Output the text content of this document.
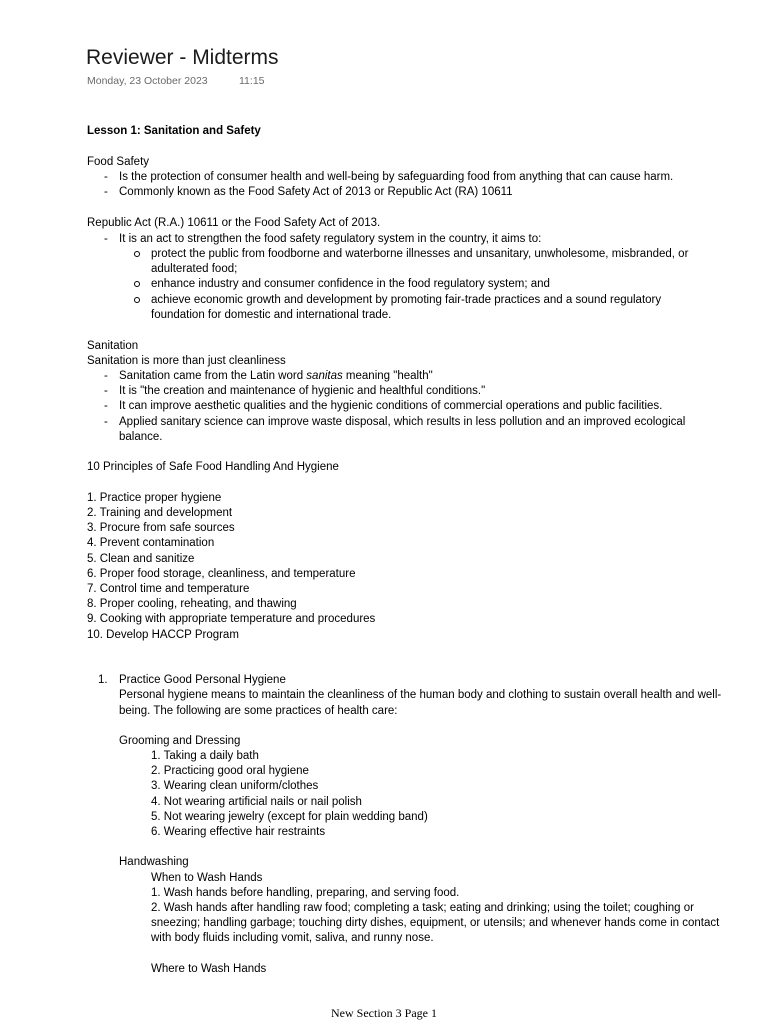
Reviewer - Midterms
Monday, 23 October 2023	11:15
Lesson 1: Sanitation and Safety
Food Safety
- Is the protection of consumer health and well-being by safeguarding food from anything that can cause harm.
- Commonly known as the Food Safety Act of 2013 or Republic Act (RA) 10611
Republic Act (R.A.) 10611 or the Food Safety Act of 2013.
- It is an act to strengthen the food safety regulatory system in the country, it aims to:
protect the public from foodborne and waterborne illnesses and unsanitary, unwholesome, misbranded, or
adulterated food;
enhance industry and consumer confidence in the food regulatory system; and
achieve economic growth and development by promoting fair-trade practices and a sound regulatory
foundation for domestic and international trade.
Sanitation
Sanitation is more than just cleanliness
- Sanitation came from the Latin word sanitas meaning "health"
- It is "the creation and maintenance of hygienic and healthful conditions."
- It can improve aesthetic qualities and the hygienic conditions of commercial operations and public facilities.
- Applied sanitary science can improve waste disposal, which results in less pollution and an improved ecological
balance.
10 Principles of Safe Food Handling And Hygiene
1. Practice proper hygiene
2. Training and development
3. Procure from safe sources
4. Prevent contamination
5. Clean and sanitize
6. Proper food storage, cleanliness, and temperature
7. Control time and temperature
8. Proper cooling, reheating, and thawing
9. Cooking with appropriate temperature and procedures
10. Develop HACCP Program
1. Practice Good Personal Hygiene
Personal hygiene means to maintain the cleanliness of the human body and clothing to sustain overall health and well-
being. The following are some practices of health care:
Grooming and Dressing
1. Taking a daily bath
2. Practicing good oral hygiene
3. Wearing clean uniform/clothes
4. Not wearing artificial nails or nail polish
5. Not wearing jewelry (except for plain wedding band)
6. Wearing effective hair restraints
Handwashing
When to Wash Hands
1. Wash hands before handling, preparing, and serving food.
2. Wash hands after handling raw food; completing a task; eating and drinking; using the toilet; coughing or
sneezing; handling garbage; touching dirty dishes, equipment, or utensils; and whenever hands come in contact
with body fluids including vomit, saliva, and runny nose.
Where to Wash Hands
New Section 3 Page 1
